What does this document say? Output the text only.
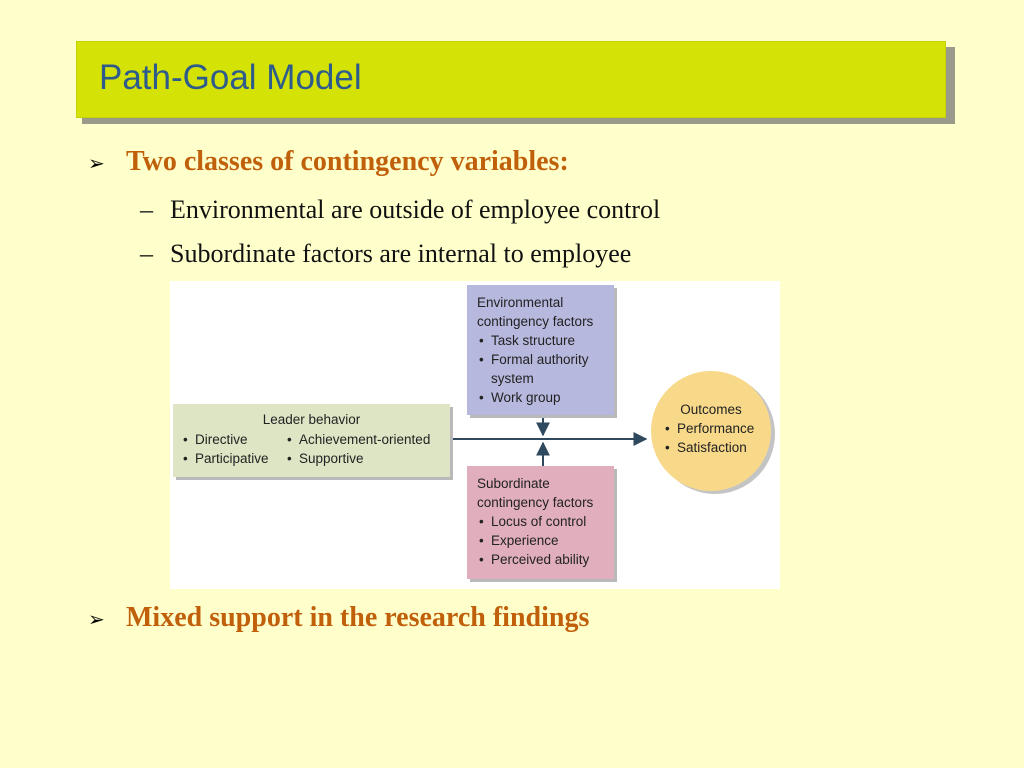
Path-Goal Model
➢ Two classes of contingency variables:
– Environmental are outside of employee control
– Subordinate factors are internal to employee
Environmental
contingency factors
• Task structure
• Formal authority
system
• Work group
Leader behavior
• Directive
• Participative
• Achievement-oriented
• Supportive
Subordinate
contingency factors
• Locus of control
• Experience
• Perceived ability
Outcomes
• Performance
• Satisfaction
➢ Mixed support in the research findings
